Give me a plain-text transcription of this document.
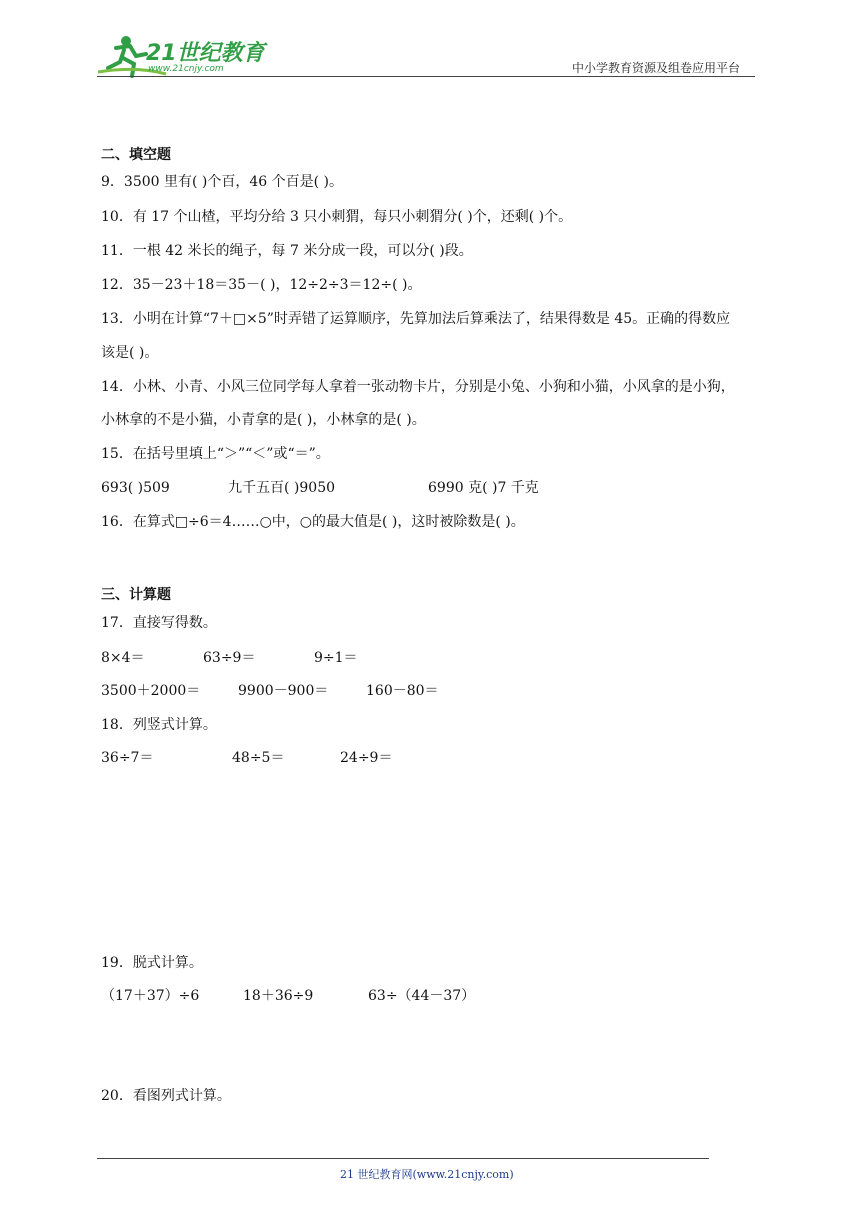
21世纪教育
www.21cnjy.com	中小学教育资源及组卷应用平台
二、填空题
9．3500 里有( )个百，46 个百是( )。
10．有 17 个山楂，平均分给 3 只小刺猬，每只小刺猬分( )个，还剩( )个。
11．一根 42 米长的绳子，每 7 米分成一段，可以分( )段。
12．35－23＋18＝35－( )，12÷2÷3＝12÷( )。
13．小明在计算“7＋□×5”时弄错了运算顺序，先算加法后算乘法了，结果得数是 45。正确的得数应
该是( )。
14．小林、小青、小风三位同学每人拿着一张动物卡片，分别是小兔、小狗和小猫，小风拿的是小狗，
小林拿的不是小猫，小青拿的是( )，小林拿的是( )。
15．在括号里填上“＞”“＜”或“＝”。
693( )509	九千五百( )9050	6990 克( )7 千克
16．在算式□÷6＝4……○中，○的最大值是( )，这时被除数是( )。
三、计算题
17．直接写得数。
8×4＝	63÷9＝	9÷1＝
3500＋2000＝	9900－900＝	160－80＝
18．列竖式计算。
36÷7＝	48÷5＝	24÷9＝
19．脱式计算。
（17＋37）÷6	18＋36÷9	63÷（44－37）
20．看图列式计算。
21 世纪教育网(www.21cnjy.com)
